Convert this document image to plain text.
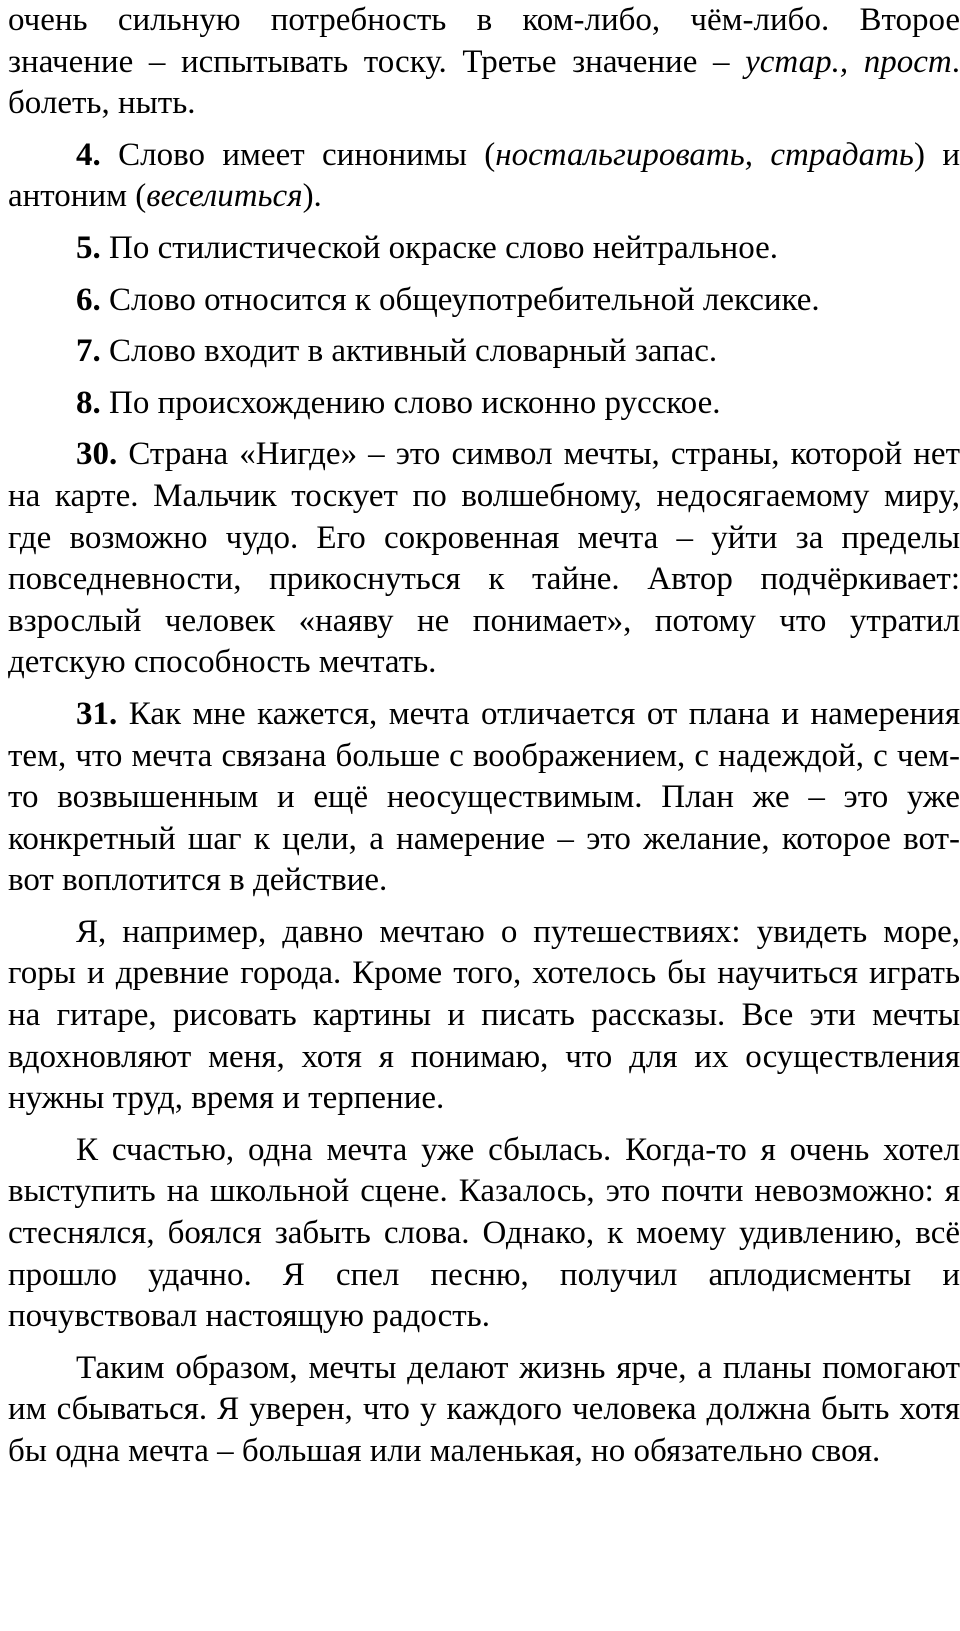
очень сильную потребность в ком-либо, чём-либо. Второе значение – испытывать тоску. Третье значение – устар., прост. болеть, ныть.

4. Слово имеет синонимы (ностальгировать, страдать) и антоним (веселиться).

5. По стилистической окраске слово нейтральное.

6. Слово относится к общеупотребительной лексике.

7. Слово входит в активный словарный запас.

8. По происхождению слово исконно русское.

30. Страна «Нигде» – это символ мечты, страны, которой нет на карте. Мальчик тоскует по волшебному, недосягаемому миру, где возможно чудо. Его сокровенная мечта – уйти за пределы повседневности, прикоснуться к тайне. Автор подчёркивает: взрослый человек «наяву не понимает», потому что утратил детскую способность мечтать.

31. Как мне кажется, мечта отличается от плана и намерения тем, что мечта связана больше с воображением, с надеждой, с чем-то возвышенным и ещё неосуществимым. План же – это уже конкретный шаг к цели, а намерение – это желание, которое вот-вот воплотится в действие.

Я, например, давно мечтаю о путешествиях: увидеть море, горы и древние города. Кроме того, хотелось бы научиться играть на гитаре, рисовать картины и писать рассказы. Все эти мечты вдохновляют меня, хотя я понимаю, что для их осуществления нужны труд, время и терпение.

К счастью, одна мечта уже сбылась. Когда-то я очень хотел выступить на школьной сцене. Казалось, это почти невозможно: я стеснялся, боялся забыть слова. Однако, к моему удивлению, всё прошло удачно. Я спел песню, получил аплодисменты и почувствовал настоящую радость.

Таким образом, мечты делают жизнь ярче, а планы помогают им сбываться. Я уверен, что у каждого человека должна быть хотя бы одна мечта – большая или маленькая, но обязательно своя.
